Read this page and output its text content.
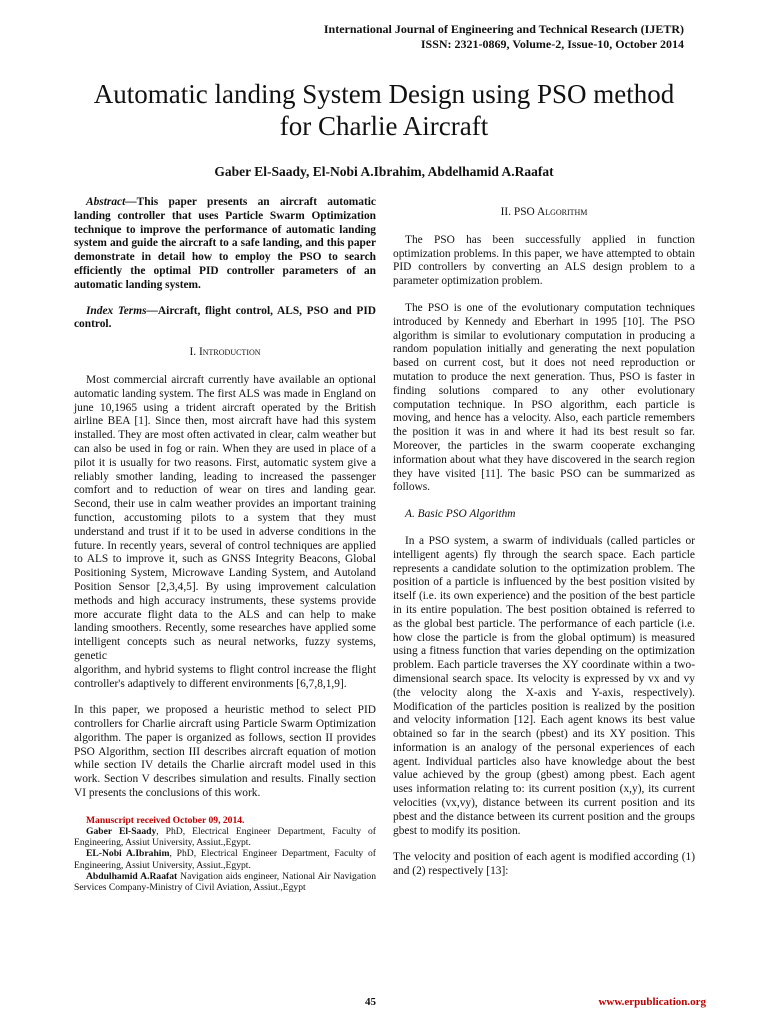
International Journal of Engineering and Technical Research (IJETR)
ISSN: 2321-0869, Volume-2, Issue-10, October 2014
Automatic landing System Design using PSO method
for Charlie Aircraft
Gaber El-Saady, El-Nobi A.Ibrahim, Abdelhamid A.Raafat

Abstract—This paper presents an aircraft automatic landing controller that uses Particle Swarm Optimization technique to improve the performance of automatic landing system and guide the aircraft to a safe landing, and this paper demonstrate in detail how to employ the PSO to search efficiently the optimal PID controller parameters of an automatic landing system.

Index Terms—Aircraft, flight control, ALS, PSO and PID control.

I. Introduction

Most commercial aircraft currently have available an optional automatic landing system. The first ALS was made in England on june 10,1965 using a trident aircraft operated by the British airline BEA [1]. Since then, most aircraft have had this system installed. They are most often activated in clear, calm weather but can also be used in fog or rain. When they are used in place of a pilot it is usually for two reasons. First, automatic system give a reliably smother landing, leading to increased the passenger comfort and to reduction of wear on tires and landing gear. Second, their use in calm weather provides an important training function, accustoming pilots to a system that they must understand and trust if it to be used in adverse conditions in the future. In recently years, several of control techniques are applied to ALS to improve it, such as GNSS Integrity Beacons, Global Positioning System, Microwave Landing System, and Autoland Position Sensor [2,3,4,5]. By using improvement calculation methods and high accuracy instruments, these systems provide more accurate flight data to the ALS and can help to make landing smoothers. Recently, some researches have applied some intelligent concepts such as neural networks, fuzzy systems, genetic

algorithm, and hybrid systems to flight control increase the flight controller's adaptively to different environments [6,7,8,1,9].

In this paper, we proposed a heuristic method to select PID controllers for Charlie aircraft using Particle Swarm Optimization algorithm. The paper is organized as follows, section II provides PSO Algorithm, section III describes aircraft equation of motion while section IV details the Charlie aircraft model used in this work. Section V describes simulation and results. Finally section VI presents the conclusions of this work.

Manuscript received October 09, 2014.

Gaber El-Saady, PhD, Electrical Engineer Department, Faculty of Engineering, Assiut University, Assiut.,Egypt.

EL-Nobi A.Ibrahim, PhD, Electrical Engineer Department, Faculty of Engineering, Assiut University, Assiut.,Egypt.

Abdulhamid A.Raafat Navigation aids engineer, National Air Navigation Services Company-Ministry of Civil Aviation, Assiut.,Egypt

II. PSO Algorithm

The PSO has been successfully applied in function optimization problems. In this paper, we have attempted to obtain PID controllers by converting an ALS design problem to a parameter optimization problem.

The PSO is one of the evolutionary computation techniques introduced by Kennedy and Eberhart in 1995 [10]. The PSO algorithm is similar to evolutionary computation in producing a random population initially and generating the next population based on current cost, but it does not need reproduction or mutation to produce the next generation. Thus, PSO is faster in finding solutions compared to any other evolutionary computation technique. In PSO algorithm, each particle is moving, and hence has a velocity. Also, each particle remembers the position it was in and where it had its best result so far. Moreover, the particles in the swarm cooperate exchanging information about what they have discovered in the search region they have visited [11]. The basic PSO can be summarized as follows.

A. Basic PSO Algorithm

In a PSO system, a swarm of individuals (called particles or intelligent agents) fly through the search space. Each particle represents a candidate solution to the optimization problem. The position of a particle is influenced by the best position visited by itself (i.e. its own experience) and the position of the best particle in its entire population. The best position obtained is referred to as the global best particle. The performance of each particle (i.e. how close the particle is from the global optimum) is measured using a fitness function that varies depending on the optimization problem. Each particle traverses the XY coordinate within a two-dimensional search space. Its velocity is expressed by vx and vy (the velocity along the X-axis and Y-axis, respectively). Modification of the particles position is realized by the position and velocity information [12]. Each agent knows its best value obtained so far in the search (pbest) and its XY position. This information is an analogy of the personal experiences of each agent. Individual particles also have knowledge about the best value achieved by the group (gbest) among pbest. Each agent uses information relating to: its current position (x,y), its current velocities (vx,vy), distance between its current position and its pbest and the distance between its current position and the groups gbest to modify its position.

The velocity and position of each agent is modified according (1) and (2) respectively [13]:

45	www.erpublication.org
